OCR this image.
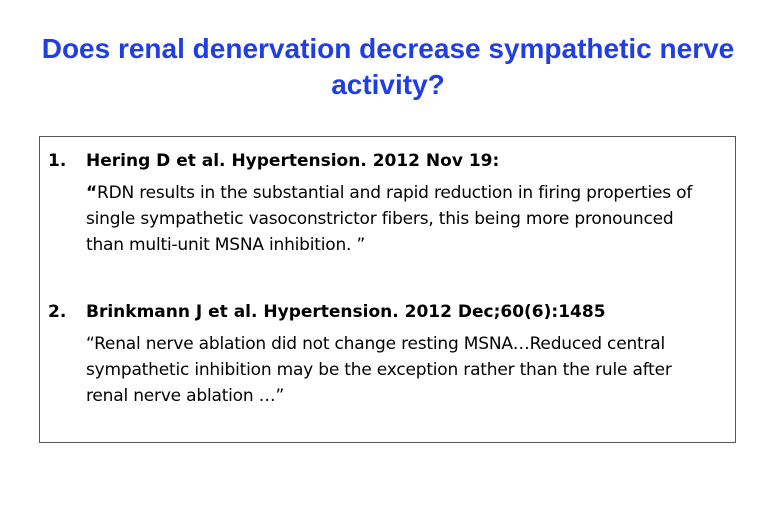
Does renal denervation decrease sympathetic nerve activity?
1. Hering D et al. Hypertension. 2012 Nov 19:
“RDN results in the substantial and rapid reduction in firing properties of single sympathetic vasoconstrictor fibers, this being more pronounced than multi-unit MSNA inhibition. ”
2. Brinkmann J et al. Hypertension. 2012 Dec;60(6):1485
“Renal nerve ablation did not change resting MSNA…Reduced central sympathetic inhibition may be the exception rather than the rule after renal nerve ablation …”
